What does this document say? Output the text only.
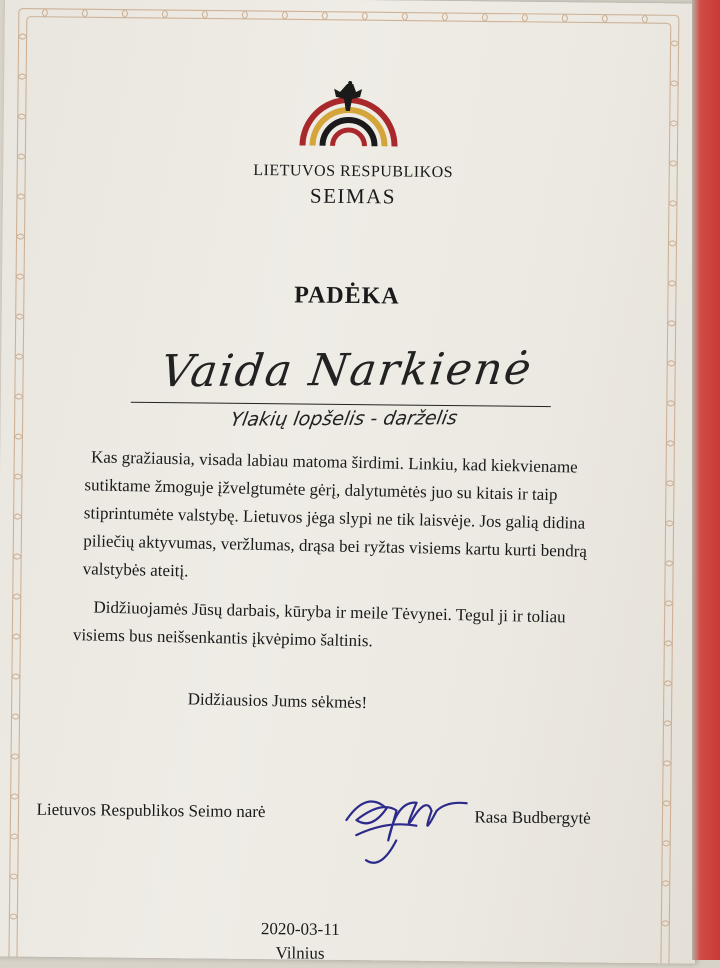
LIETUVOS RESPUBLIKOS
SEIMAS
PADĖKA
Vaida Narkienė
Ylakių lopšelis - darželis
Kas gražiausia, visada labiau matoma širdimi. Linkiu, kad kiekviename
sutiktame žmoguje įžvelgtumėte gėrį, dalytumėtės juo su kitais ir taip
stiprintumėte valstybę. Lietuvos jėga slypi ne tik laisvėje. Jos galią didina
piliečių aktyvumas, veržlumas, drąsa bei ryžtas visiems kartu kurti bendrą
valstybės ateitį.
Didžiuojamės Jūsų darbais, kūryba ir meile Tėvynei. Tegul ji ir toliau
visiems bus neišsenkantis įkvėpimo šaltinis.
Didžiausios Jums sėkmės!
Lietuvos Respublikos Seimo narė	Rasa Budbergytė
2020-03-11
Vilnius
